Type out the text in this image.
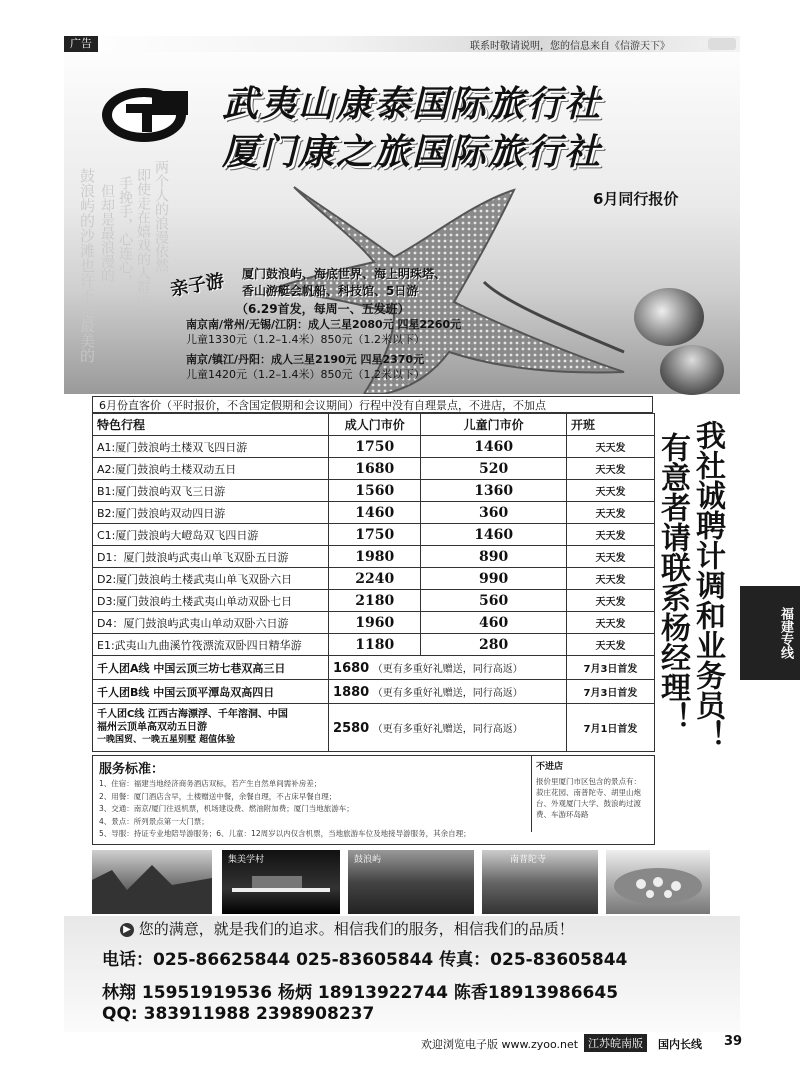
广告	联系时敬请说明，您的信息来自《信游天下》
武夷山康泰国际旅行社
厦门康之旅国际旅行社
两个人的浪漫依然
即使走在嬉戏的人群中
手挽手，心连心，
但却是最浪漫的
鼓浪屿的沙滩也许不是最美的	6月同行报价
亲子游 厦门鼓浪屿、海底世界、海上明珠塔、
香山游艇会帆船、科技馆、5日游
（6.29首发，每周一、五发班）
南京南/常州/无锡/江阴：成人三星2080元 四星2260元
儿童1330元（1.2–1.4米）850元（1.2米以下）
南京/镇江/丹阳：成人三星2190元 四星2370元
儿童1420元（1.2–1.4米）850元（1.2米以下）
6月份直客价（平时报价，不含国定假期和会议期间）行程中没有自理景点，不进店，不加点
特色行程	成人门市价	儿童门市价	开班
A1:厦门鼓浪屿土楼双飞四日游	1750	1460	天天发
A2:厦门鼓浪屿土楼双动五日	1680	520	天天发
B1:厦门鼓浪屿双飞三日游	1560	1360	天天发
B2:厦门鼓浪屿双动四日游	1460	360	天天发
C1:厦门鼓浪屿大嶝岛双飞四日游	1750	1460	天天发
D1：厦门鼓浪屿武夷山单飞双卧五日游	1980	890	天天发
D2:厦门鼓浪屿土楼武夷山单飞双卧六日	2240	990	天天发
D3:厦门鼓浪屿土楼武夷山单动双卧七日	2180	560	天天发
D4：厦门鼓浪屿武夷山单动双卧六日游	1960	460	天天发
E1:武夷山九曲溪竹筏漂流双卧四日精华游	1180	280	天天发
千人团A线 中国云顶三坊七巷双高三日	1680 （更有多重好礼赠送，同行高返）		7月3日首发
千人团B线 中国云顶平潭岛双高四日	1880 （更有多重好礼赠送，同行高返）		7月3日首发

千人团C线 江西古海漂浮、千年溶洞、中国
福州云顶单高双动五日游
一晚国贸、一晚五星别墅 超值体验	2580 （更有多重好礼赠送，同行高返）		7月1日首发 我社诚聘计调和业务员！
有意者请联系杨经理！	福建专线
服务标准：
1、住宿：福建当地经济商务酒店双标，若产生自然单间需补房差；
2、用餐：厦门酒店含早，土楼赠送中餐，余餐自理，不占床早餐自理；
3、交通：南京/厦门往返机票，机场建设费、燃油附加费；厦门当地旅游车；
4、景点：所列景点第一大门票；
5、导服：持证专业地陪导游服务；6、儿童：12周岁以内仅含机票，当地旅游车位及地接导游服务，其余自理；
不进店
报价里厦门市区包含的景点有：菽庄花园、南普陀寺、胡里山炮台、外观厦门大学、鼓浪屿过渡费、车游环岛路
集美学村	鼓浪屿	南普陀寺
▶ 您的满意，就是我们的追求。相信我们的服务，相信我们的品质！
电话：025-86625844 025-83605844 传真：025-83605844
林翔 15951919536 杨炳 18913922744 陈香18913986645
QQ: 383911988 2398908237
欢迎浏览电子版 www.zyoo.net 江苏皖南版	国内长线 39
